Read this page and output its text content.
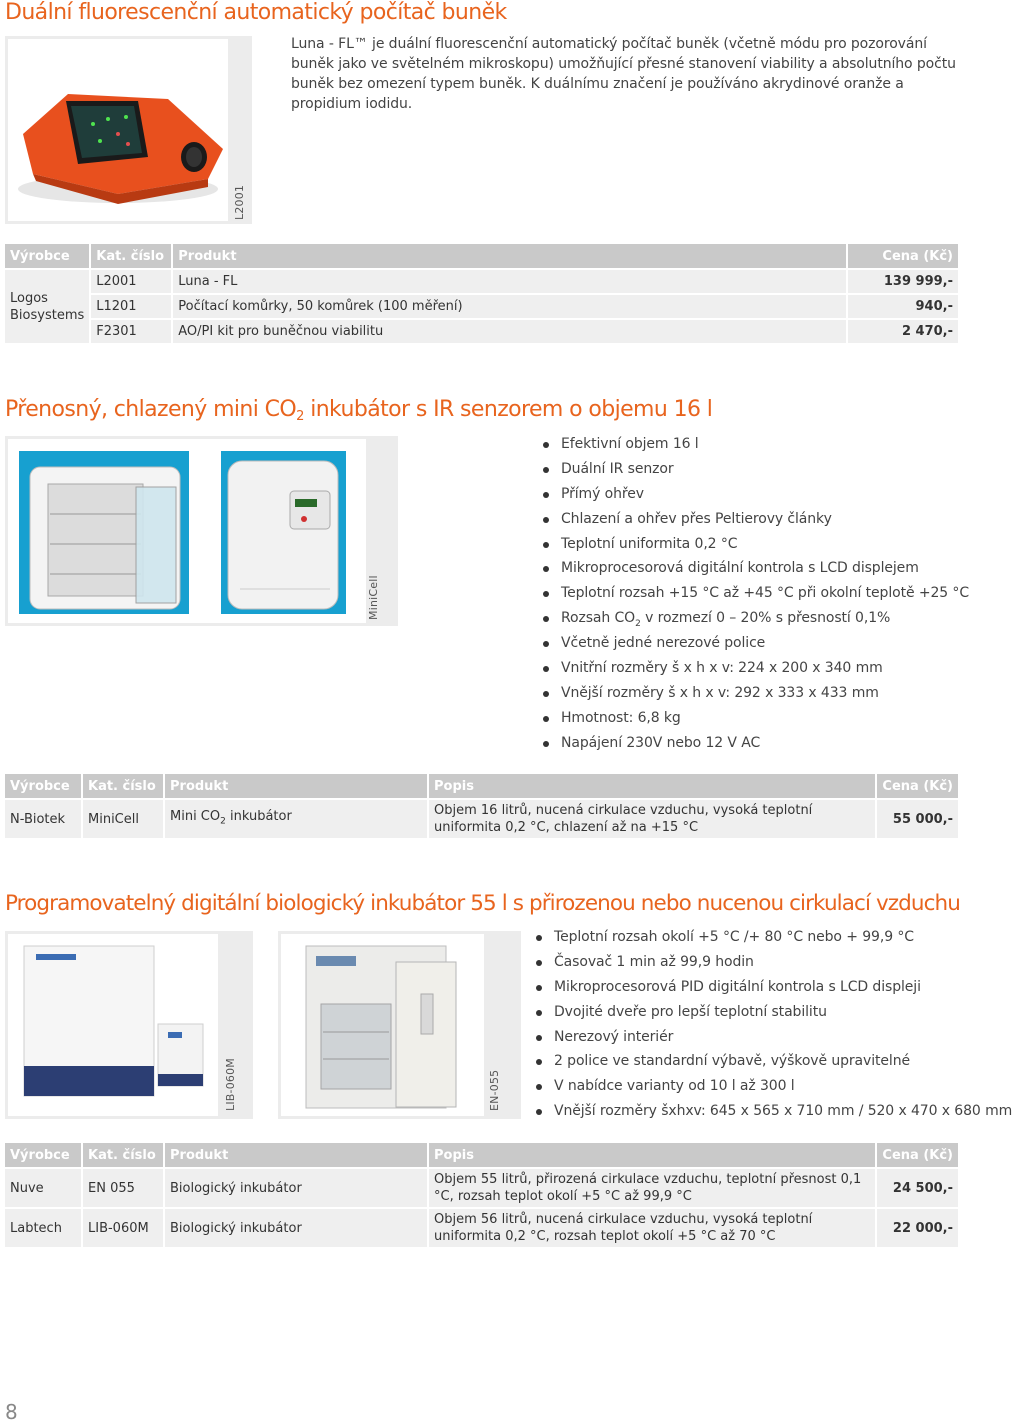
Duální fluorescenční automatický počítač buněk
L2001
Luna - FL™ je duální fluorescenční automatický počítač buněk (včetně módu pro pozorování buněk jako ve světelném mikroskopu) umožňující přesné stanovení viability a absolutního počtu buněk bez omezení typem buněk. K duálnímu značení je používáno akrydinové oranže a propidium iodidu.
Výrobce	Kat. číslo	Produkt	Cena (Kč)
Logos Biosystems	L2001	Luna - FL	139 999,-
	L1201	Počítací komůrky, 50 komůrek (100 měření)	940,-
	F2301	AO/PI kit pro buněčnou viabilitu	2 470,-
Přenosný, chlazený mini $CO_2$ inkubátor s IR senzorem o objemu 16 l
MiniCell
Efektivní objem 16 l
Duální IR senzor
Přímý ohřev
Chlazení a ohřev přes Peltierovy články
Teplotní uniformita 0,2 °C
Mikroprocesorová digitální kontrola s LCD displejem
Teplotní rozsah +15 °C až +45 °C při okolní teplotě +25 °C
Rozsah $CO_2$ v rozmezí 0 – 20% s přesností 0,1%
Včetně jedné nerezové police
Vnitřní rozměry š x h x v: 224 x 200 x 340 mm
Vnější rozměry š x h x v: 292 x 333 x 433 mm
Hmotnost: 6,8 kg
Napájení 230V nebo 12 V AC
Výrobce	Kat. číslo	Produkt	Popis	Cena (Kč)
N-Biotek	MiniCell	Mini $CO_2$ inkubátor	Objem 16 litrů, nucená cirkulace vzduchu, vysoká teplotní uniformita 0,2 °C, chlazení až na +15 °C	55 000,-
Programovatelný digitální biologický inkubátor 55 l s přirozenou nebo nucenou cirkulací vzduchu
LIB-060M	EN-055
Teplotní rozsah okolí +5 °C /+ 80 °C nebo + 99,9 °C
Časovač 1 min až 99,9 hodin
Mikroprocesorová PID digitální kontrola s LCD displeji
Dvojité dveře pro lepší teplotní stabilitu
Nerezový interiér
2 police ve standardní výbavě, výškově upravitelné
V nabídce varianty od 10 l až 300 l
Vnější rozměry šxhxv: 645 x 565 x 710 mm / 520 x 470 x 680 mm
Výrobce	Kat. číslo	Produkt	Popis	Cena (Kč)
Nuve	EN 055	Biologický inkubátor	Objem 55 litrů, přirozená cirkulace vzduchu, teplotní přesnost 0,1 °C, rozsah teplot okolí +5 °C až 99,9 °C	24 500,-
Labtech	LIB-060M	Biologický inkubátor	Objem 56 litrů, nucená cirkulace vzduchu, vysoká teplotní uniformita 0,2 °C, rozsah teplot okolí +5 °C až 70 °C	22 000,-
8
